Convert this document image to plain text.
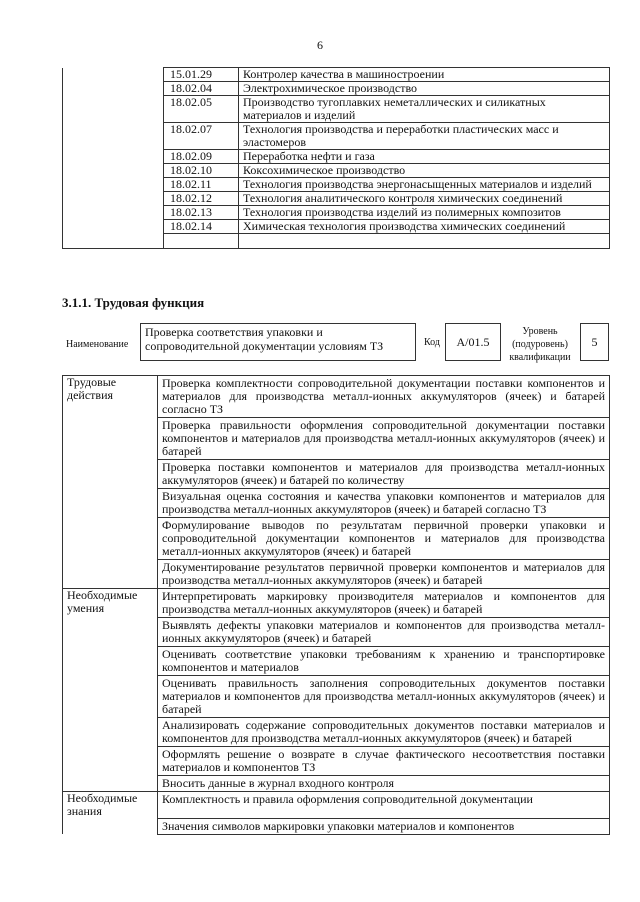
6
	15.01.29	Контролер качества в машиностроении
	18.02.04	Электрохимическое производство
	18.02.05	Производство тугоплавких неметаллических и силикатных материалов и изделий
	18.02.07	Технология производства и переработки пластических масс и эластомеров
	18.02.09	Переработка нефти и газа
	18.02.10	Коксохимическое производство
	18.02.11	Технология производства энергонасыщенных материалов и изделий
	18.02.12	Технология аналитического контроля химических соединений
	18.02.13	Технология производства изделий из полимерных композитов
	18.02.14	Химическая технология производства химических соединений

3.1.1. Трудовая функция
Наименование
Проверка соответствия упаковки и сопроводительной документации условиям ТЗ	Код	А/01.5
Уровень (подуровень) квалификации
5
Трудовые действия	Проверка комплектности сопроводительной документации поставки компонентов и материалов для производства металл-ионных аккумуляторов (ячеек) и батарей согласно ТЗ
	Проверка правильности оформления сопроводительной документации поставки компонентов и материалов для производства металл-ионных аккумуляторов (ячеек) и батарей
	Проверка поставки компонентов и материалов для производства металл-ионных аккумуляторов (ячеек) и батарей по количеству
	Визуальная оценка состояния и качества упаковки компонентов и материалов для производства металл-ионных аккумуляторов (ячеек) и батарей согласно ТЗ
	Формулирование выводов по результатам первичной проверки упаковки и сопроводительной документации компонентов и материалов для производства металл-ионных аккумуляторов (ячеек) и батарей
	Документирование результатов первичной проверки компонентов и материалов для производства металл-ионных аккумуляторов (ячеек) и батарей
Необходимые умения	Интерпретировать маркировку производителя материалов и компонентов для производства металл-ионных аккумуляторов (ячеек) и батарей
	Выявлять дефекты упаковки материалов и компонентов для производства металл-ионных аккумуляторов (ячеек) и батарей
	Оценивать соответствие упаковки требованиям к хранению и транспортировке компонентов и материалов
	Оценивать правильность заполнения сопроводительных документов поставки материалов и компонентов для производства металл-ионных аккумуляторов (ячеек) и батарей
	Анализировать содержание сопроводительных документов поставки материалов и компонентов для производства металл-ионных аккумуляторов (ячеек) и батарей
	Оформлять решение о возврате в случае фактического несоответствия поставки материалов и компонентов ТЗ
	Вносить данные в журнал входного контроля
Необходимые знания	Комплектность и правила оформления сопроводительной документации
	Значения символов маркировки упаковки материалов и компонентов
